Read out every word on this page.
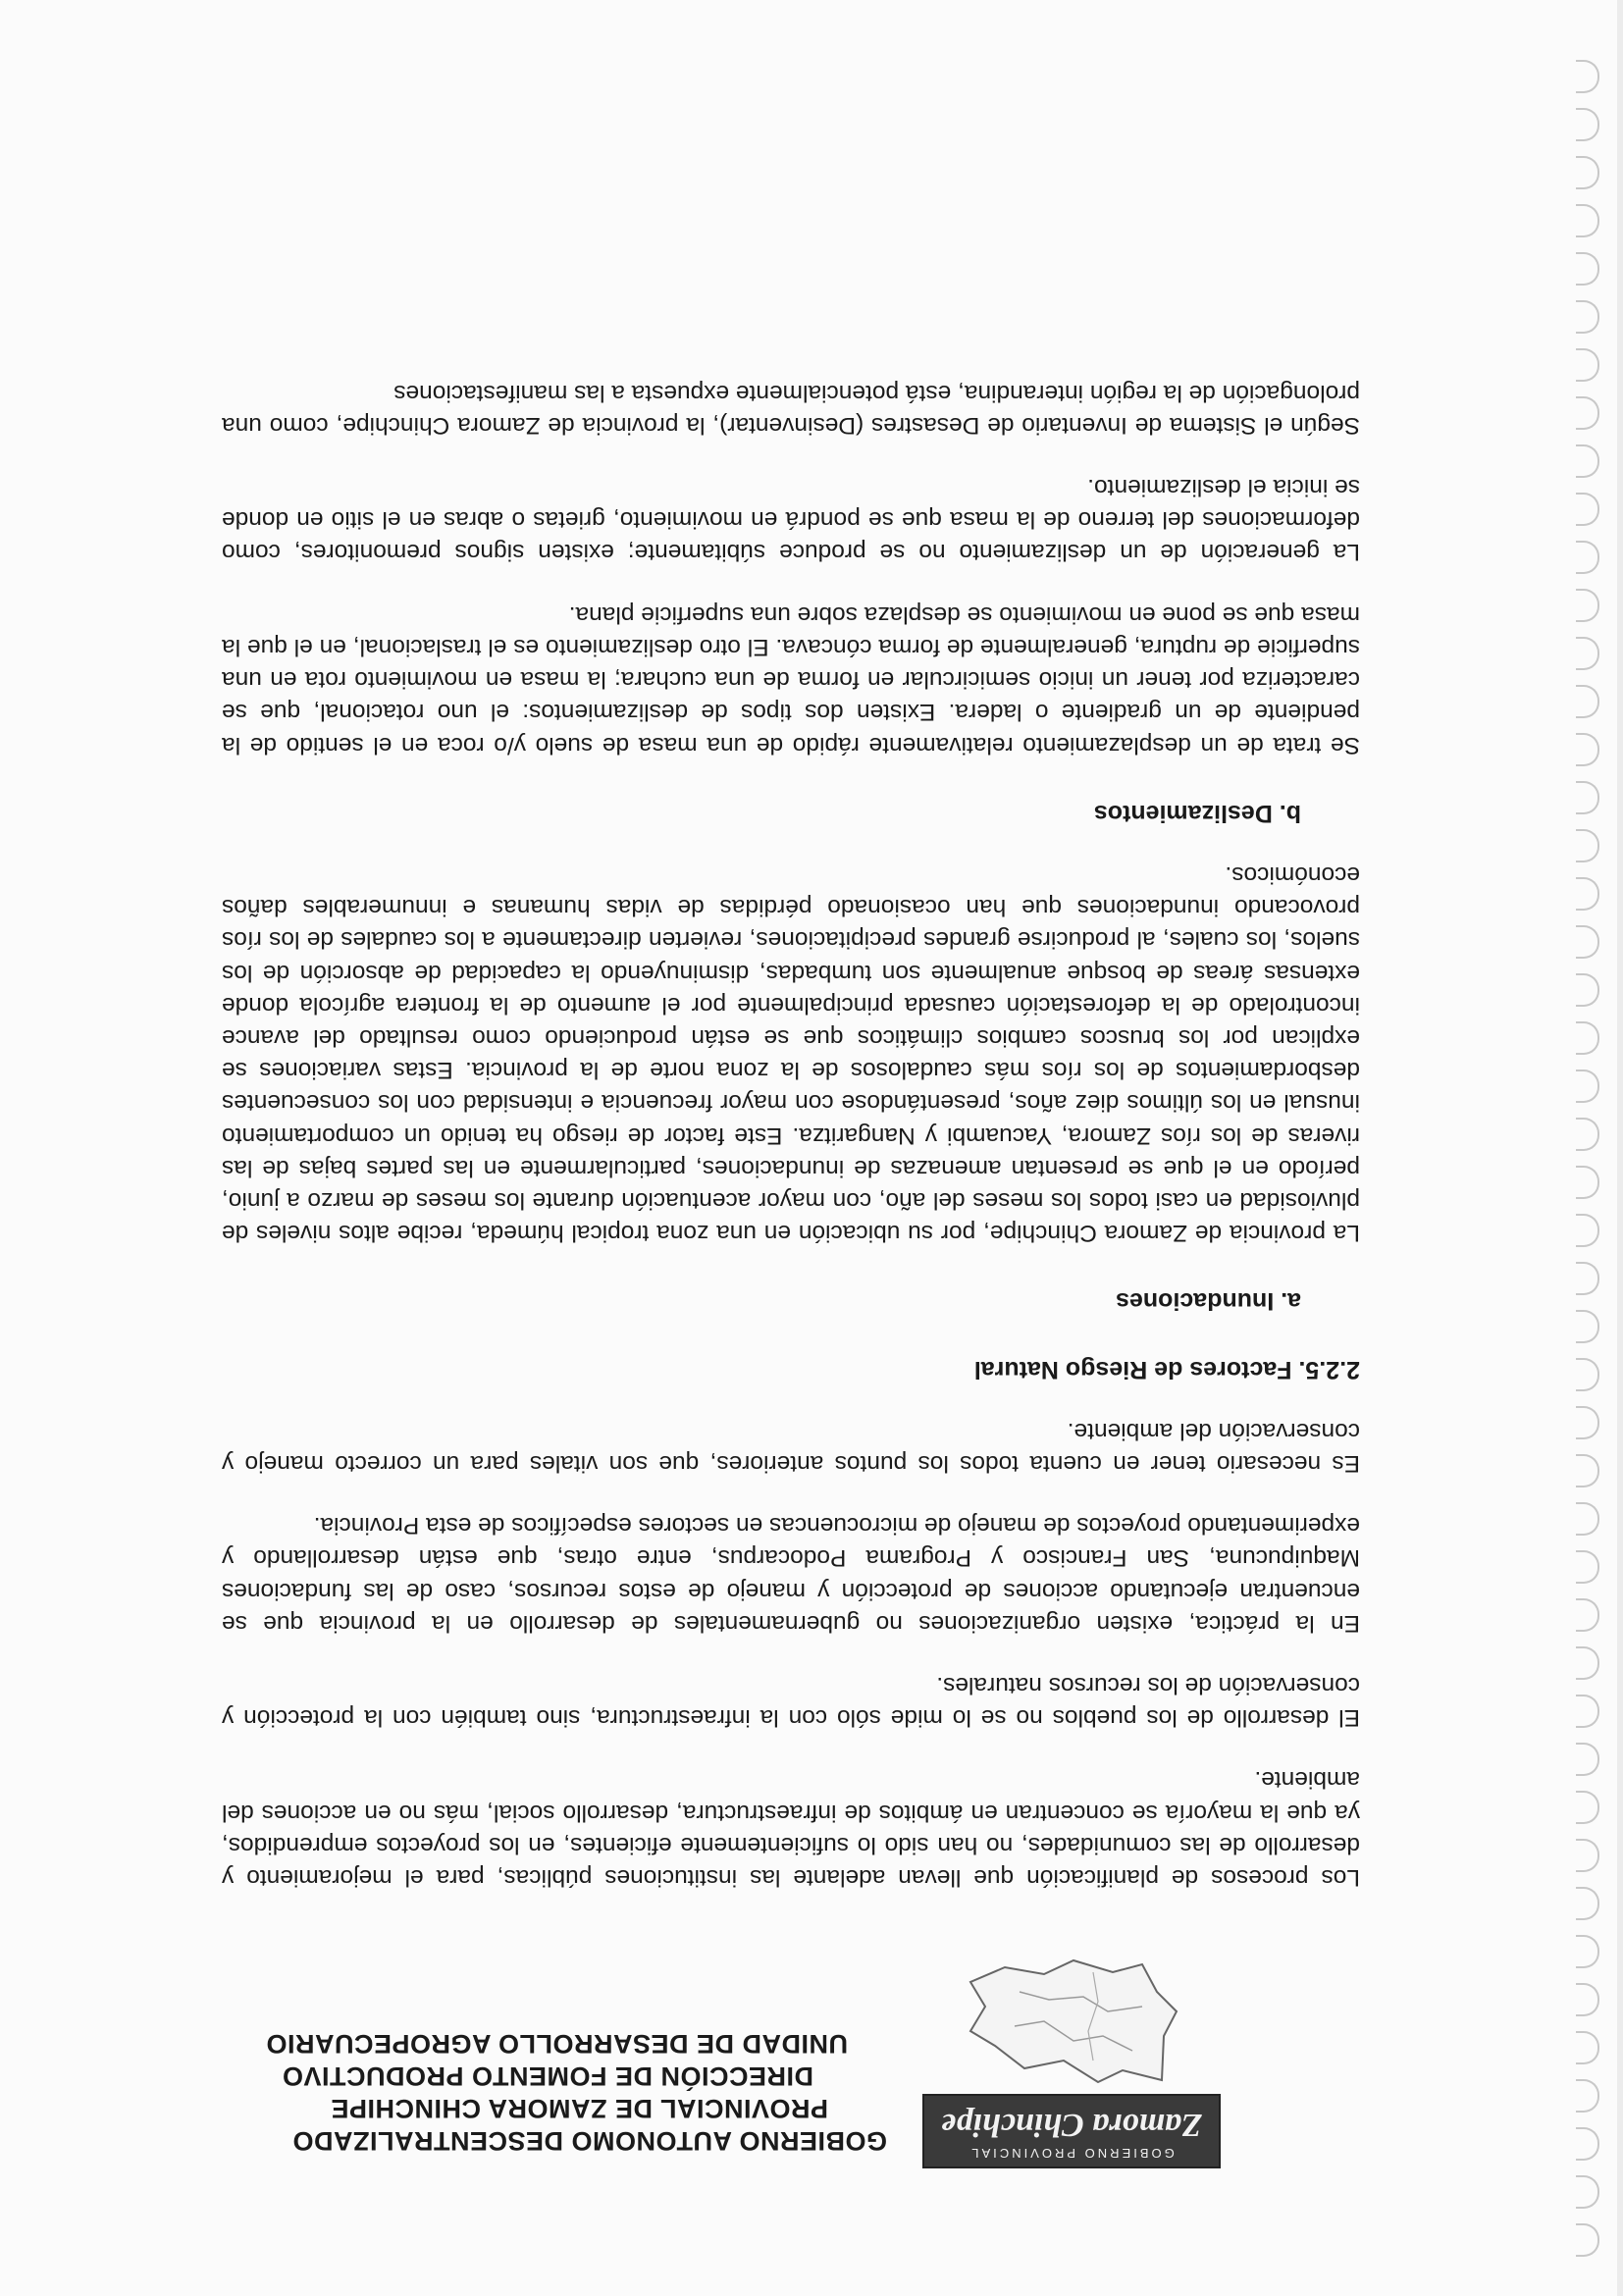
GOBIERNO PROVINCIAL
Zamora Chinchipe
GOBIERNO AUTONOMO DESCENTRALIZADO
PROVINCIAL DE ZAMORA CHINCHIPE
DIRECCIÓN DE FOMENTO PRODUCTIVO
UNIDAD DE DESARROLLO AGROPECUARIO

Los procesos de planificación que llevan adelante las instituciones públicas, para el mejoramiento y desarrollo de las comunidades, no han sido lo suficientemente eficientes, en los proyectos emprendidos, ya que la mayoría se concentran en ámbitos de infraestructura, desarrollo social, más no en acciones del ambiente.

El desarrollo de los pueblos no se lo mide sólo con la infraestructura, sino también con la protección y conservación de los recursos naturales.

En la práctica, existen organizaciones no gubernamentales de desarrollo en la provincia que se encuentran ejecutando acciones de protección y manejo de estos recursos, caso de las fundaciones Maquipucuna, San Francisco y Programa Podocarpus, entre otras, que están desarrollando y experimentando proyectos de manejo de microcuencas en sectores específicos de esta Provincia.

Es necesario tener en cuenta todos los puntos anteriores, que son vitales para un correcto manejo y conservación del ambiente.

2.2.5. Factores de Riesgo Natural
a. Inundaciones

La provincia de Zamora Chinchipe, por su ubicación en una zona tropical húmeda, recibe altos niveles de pluviosidad en casi todos los meses del año, con mayor acentuación durante los meses de marzo a junio, período en el que se presentan amenazas de inundaciones, particularmente en las partes bajas de las riveras de los ríos Zamora, Yacuambi y Nangaritza. Este factor de riesgo ha tenido un comportamiento inusual en los últimos diez años, presentándose con mayor frecuencia e intensidad con los consecuentes desbordamientos de los ríos más caudalosos de la zona norte de la provincia. Estas variaciones se explican por los bruscos cambios climáticos que se están produciendo como resultado del avance incontrolado de la deforestación causada principalmente por el aumento de la frontera agrícola donde extensas áreas de bosque anualmente son tumbadas, disminuyendo la capacidad de absorción de los suelos, los cuales, al producirse grandes precipitaciones, revierten directamente a los caudales de los ríos provocando inundaciones que han ocasionado pérdidas de vidas humanas e innumerables daños económicos.

b. Deslizamientos

Se trata de un desplazamiento relativamente rápido de una masa de suelo y/o roca en el sentido de la pendiente de un gradiente o ladera. Existen dos tipos de deslizamientos: el uno rotacional, que se caracteriza por tener un inicio semicircular en forma de una cuchara; la masa en movimiento rota en una superficie de ruptura, generalmente de forma cóncava. El otro deslizamiento es el traslacional, en el que la masa que se pone en movimiento se desplaza sobre una superficie plana.

La generación de un deslizamiento no se produce súbitamente; existen signos premonitores, como deformaciones del terreno de la masa que se pondrá en movimiento, grietas o abras en el sitio en donde se inicia el deslizamiento.

Según el Sistema de Inventario de Desastres (Desinventar), la provincia de Zamora Chinchipe, como una prolongación de la región interandina, está potencialmente expuesta a las manifestaciones
